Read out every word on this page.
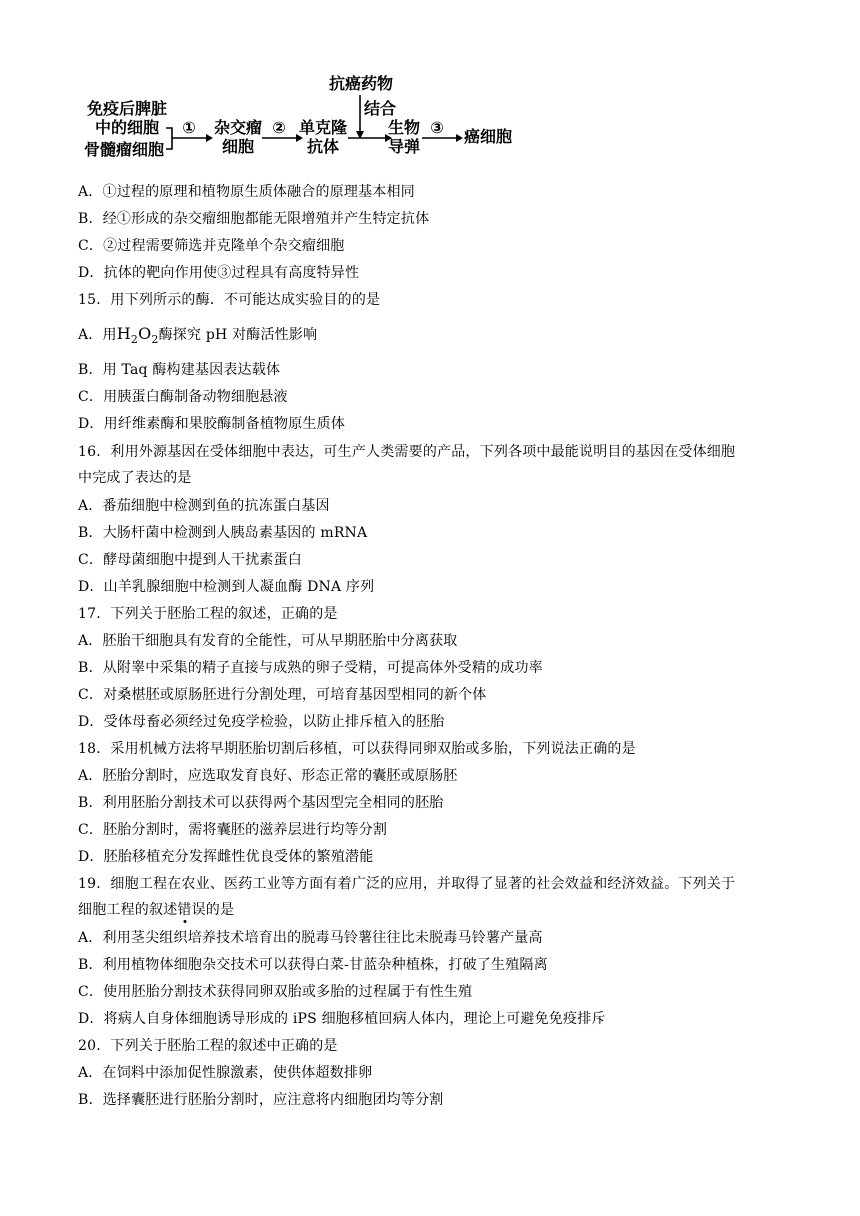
免疫后脾脏
中的细胞
骨髓瘤细胞
① 杂交瘤
细胞
② 单克隆
抗体
抗癌药物
结合
生物
导弹
③ 癌细胞
A．①过程的原理和植物原生质体融合的原理基本相同
B．经①形成的杂交瘤细胞都能无限增殖并产生特定抗体
C．②过程需要筛选并克隆单个杂交瘤细胞
D．抗体的靶向作用使③过程具有高度特异性
15．用下列所示的酶．不可能达成实验目的的是
A．用$H_2O_2$酶探究 pH 对酶活性影响
B．用 Taq 酶构建基因表达载体
C．用胰蛋白酶制备动物细胞悬液
D．用纤维素酶和果胶酶制备植物原生质体
16．利用外源基因在受体细胞中表达，可生产人类需要的产品，下列各项中最能说明目的基因在受体细胞
中完成了表达的是
A．番茄细胞中检测到鱼的抗冻蛋白基因
B．大肠杆菌中检测到人胰岛素基因的 mRNA
C．酵母菌细胞中提到人干扰素蛋白
D．山羊乳腺细胞中检测到人凝血酶 DNA 序列
17．下列关于胚胎工程的叙述，正确的是
A．胚胎干细胞具有发育的全能性，可从早期胚胎中分离获取
B．从附睾中采集的精子直接与成熟的卵子受精，可提高体外受精的成功率
C．对桑椹胚或原肠胚进行分割处理，可培育基因型相同的新个体
D．受体母畜必须经过免疫学检验，以防止排斥植入的胚胎
18．采用机械方法将早期胚胎切割后移植，可以获得同卵双胎或多胎，下列说法正确的是
A．胚胎分割时，应选取发育良好、形态正常的囊胚或原肠胚
B．利用胚胎分割技术可以获得两个基因型完全相同的胚胎
C．胚胎分割时，需将囊胚的滋养层进行均等分割
D．胚胎移植充分发挥雌性优良受体的繁殖潜能
19．细胞工程在农业、医药工业等方面有着广泛的应用，并取得了显著的社会效益和经济效益。下列关于
细胞工程的叙述错误的是
A．利用茎尖组织培养技术培育出的脱毒马铃薯往往比未脱毒马铃薯产量高
B．利用植物体细胞杂交技术可以获得白菜-甘蓝杂种植株，打破了生殖隔离
C．使用胚胎分割技术获得同卵双胎或多胎的过程属于有性生殖
D．将病人自身体细胞诱导形成的 iPS 细胞移植回病人体内，理论上可避免免疫排斥
20．下列关于胚胎工程的叙述中正确的是
A．在饲料中添加促性腺激素，使供体超数排卵
B．选择囊胚进行胚胎分割时，应注意将内细胞团均等分割
